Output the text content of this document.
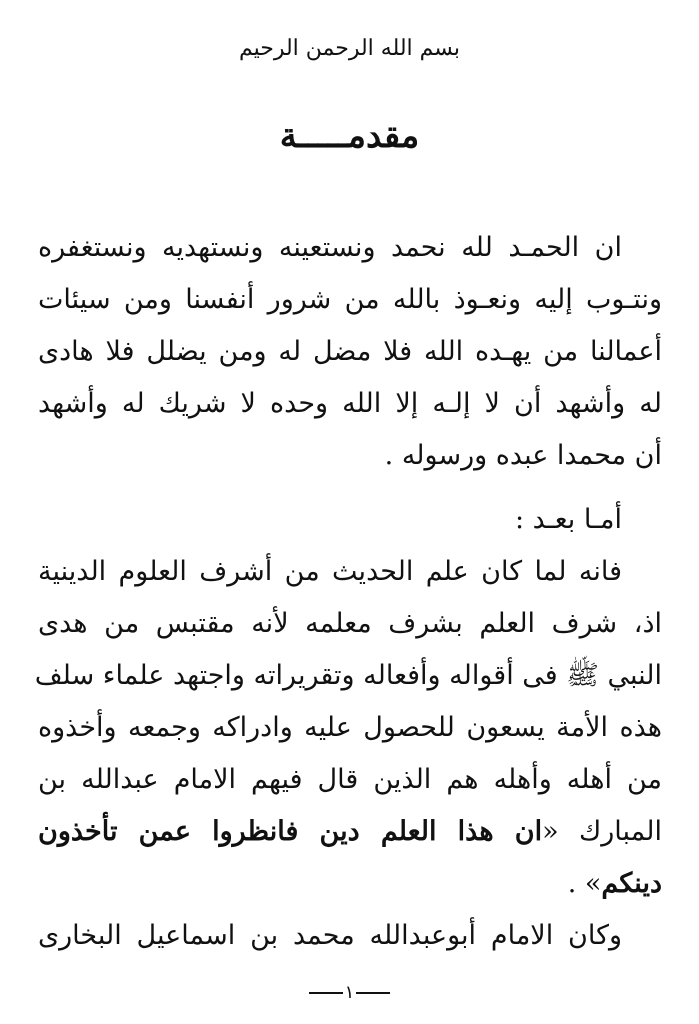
بسم الله الرحمن الرحيم
مقدمـــــة
ان الحمـد لله نحمد ونستعينه ونستهديه ونستغفره
ونتـوب إليه ونعـوذ بالله من شرور أنفسنا ومن سيئات
أعمالنا من يهـده الله فلا مضل له ومن يضلل فلا هادى
له وأشهد أن لا إلـه إلا الله وحده لا شريك له وأشهد
أن محمدا عبده ورسوله .
أمـا بعـد :
فانه لما كان علم الحديث من أشرف العلوم الدينية
اذ، شرف العلم بشرف معلمه لأنه مقتبس من هدى
النبي ﷺ فى أقواله وأفعاله وتقريراته واجتهد علماء سلف
هذه الأمة يسعون للحصول عليه وادراكه وجمعه وأخذوه
من أهله وأهله هم الذين قال فيهم الامام عبدالله بن
المبارك «ان هذا العلم دين فانظروا عمن تأخذون
دينكم» .
وكان الامام أبوعبدالله محمد بن اسماعيل البخارى
١
